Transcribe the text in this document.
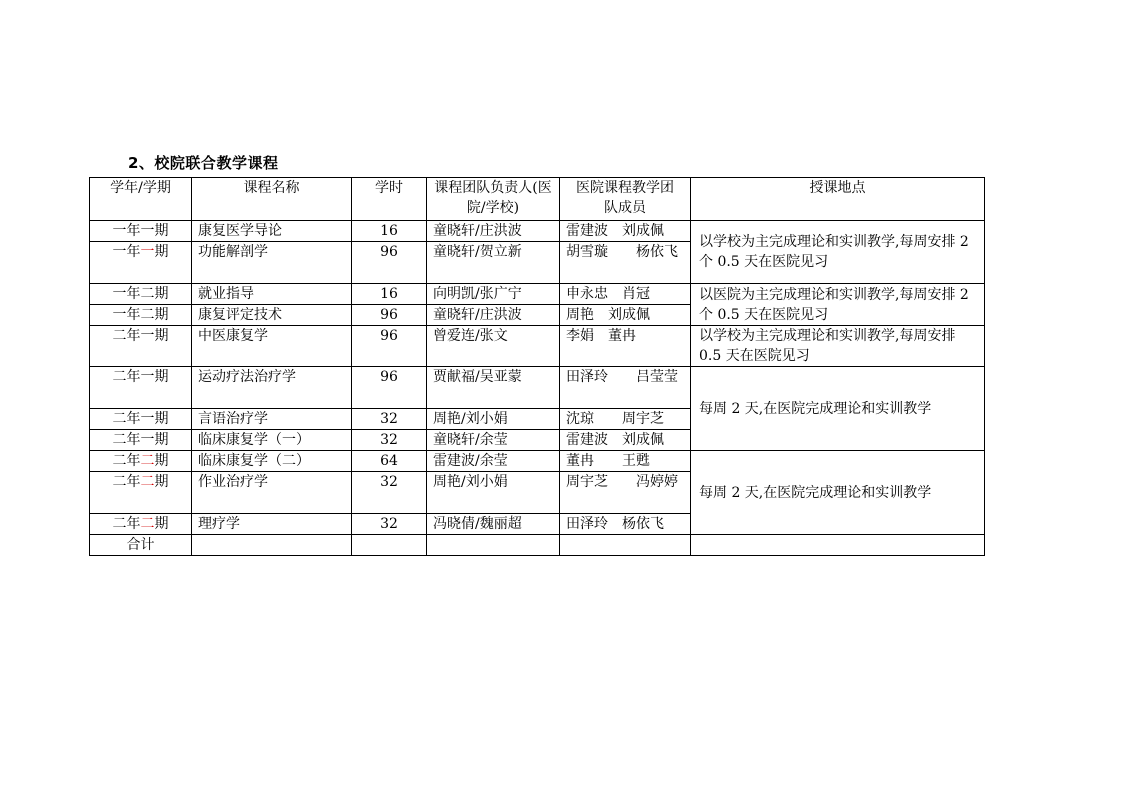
2、校院联合教学课程
学年/学期	课程名称	学时	课程团队负责人(医院/学校)	医院课程教学团队成员	授课地点
一年一期	康复医学导论	16	童晓轩/庄洪波	雷建波　刘成佩	以学校为主完成理论和实训教学,每周安排 2 个 0.5 天在医院见习
一年一期	功能解剖学	96	童晓轩/贺立新	胡雪璇　　杨依飞	
一年二期	就业指导	16	向明凯/张广宁	申永忠　肖冠	以医院为主完成理论和实训教学,每周安排 2 个 0.5 天在医院见习
一年二期	康复评定技术	96	童晓轩/庄洪波	周艳　刘成佩	
二年一期	中医康复学	96	曾爱连/张文	李娟　董冉	以学校为主完成理论和实训教学,每周安排 0.5 天在医院见习
二年一期	运动疗法治疗学	96	贾献福/吴亚蒙	田泽玲　　吕莹莹	每周 2 天,在医院完成理论和实训教学
二年一期	言语治疗学	32	周艳/刘小娟	沈琼　　周宇芝	
二年一期	临床康复学（一）	32	童晓轩/余莹	雷建波　刘成佩	
二年二期	临床康复学（二）	64	雷建波/余莹	董冉　　王甦	每周 2 天,在医院完成理论和实训教学
二年二期	作业治疗学	32	周艳/刘小娟	周宇芝　　冯婷婷	
二年二期	理疗学	32	冯晓倩/魏丽超	田泽玲　杨依飞	
合计					
